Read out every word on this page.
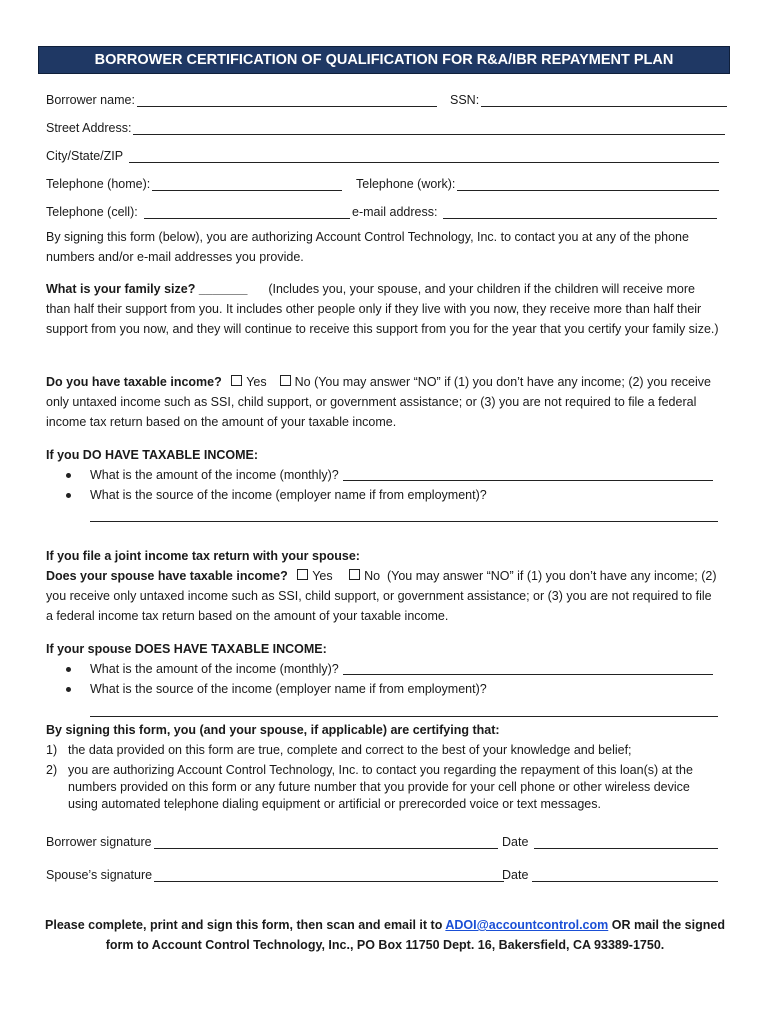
BORROWER CERTIFICATION OF QUALIFICATION FOR R&A/IBR REPAYMENT PLAN
Borrower name:	SSN:
Street Address:
City/State/ZIP
Telephone (home):	Telephone (work):
Telephone (cell):	e-mail address:
By signing this form (below), you are authorizing Account Control Technology, Inc. to contact you at any of the phone numbers and/or e-mail addresses you provide.
What is your family size? _______ (Includes you, your spouse, and your children if the children will receive more than half their support from you. It includes other people only if they live with you now, they receive more than half their support from you now, and they will continue to receive this support from you for the year that you certify your family size.)
Do you have taxable income? Yes No (You may answer “NO” if (1) you don’t have any income; (2) you receive only untaxed income such as SSI, child support, or government assistance; or (3) you are not required to file a federal income tax return based on the amount of your taxable income.
If you DO HAVE TAXABLE INCOME:
What is the amount of the income (monthly)?
What is the source of the income (employer name if from employment)?
If you file a joint income tax return with your spouse:
Does your spouse have taxable income? Yes	No (You may answer “NO” if (1) you don’t have any income; (2) you receive only untaxed income such as SSI, child support, or government assistance; or (3) you are not required to file a federal income tax return based on the amount of your taxable income.
If your spouse DOES HAVE TAXABLE INCOME:
What is the amount of the income (monthly)?
What is the source of the income (employer name if from employment)?
By signing this form, you (and your spouse, if applicable) are certifying that:
1) the data provided on this form are true, complete and correct to the best of your knowledge and belief;
2) you are authorizing Account Control Technology, Inc. to contact you regarding the repayment of this loan(s) at the numbers provided on this form or any future number that you provide for your cell phone or other wireless device using automated telephone dialing equipment or artificial or prerecorded voice or text messages.
Borrower signature	Date
Spouse’s signature	Date
Please complete, print and sign this form, then scan and email it to ADOI@accountcontrol.com OR mail the signed form to Account Control Technology, Inc., PO Box 11750 Dept. 16, Bakersfield, CA 93389-1750.
